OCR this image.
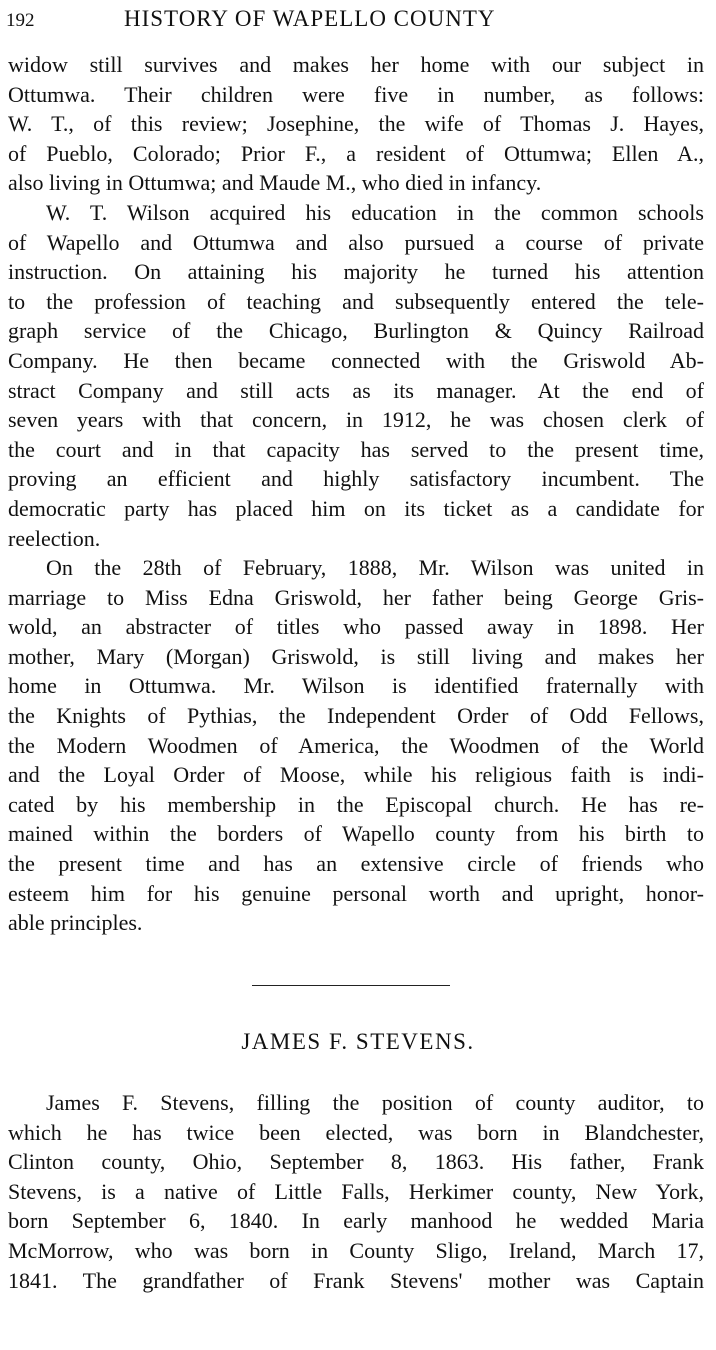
192	HISTORY OF WAPELLO COUNTY
widow still survives and makes her home with our subject in
Ottumwa. Their children were five in number, as follows:
W. T., of this review; Josephine, the wife of Thomas J. Hayes,
of Pueblo, Colorado; Prior F., a resident of Ottumwa; Ellen A.,
also living in Ottumwa; and Maude M., who died in infancy.
W. T. Wilson acquired his education in the common schools
of Wapello and Ottumwa and also pursued a course of private
instruction. On attaining his majority he turned his attention
to the profession of teaching and subsequently entered the tele-
graph service of the Chicago, Burlington & Quincy Railroad
Company. He then became connected with the Griswold Ab-
stract Company and still acts as its manager. At the end of
seven years with that concern, in 1912, he was chosen clerk of
the court and in that capacity has served to the present time,
proving an efficient and highly satisfactory incumbent. The
democratic party has placed him on its ticket as a candidate for
reelection.
On the 28th of February, 1888, Mr. Wilson was united in
marriage to Miss Edna Griswold, her father being George Gris-
wold, an abstracter of titles who passed away in 1898. Her
mother, Mary (Morgan) Griswold, is still living and makes her
home in Ottumwa. Mr. Wilson is identified fraternally with
the Knights of Pythias, the Independent Order of Odd Fellows,
the Modern Woodmen of America, the Woodmen of the World
and the Loyal Order of Moose, while his religious faith is indi-
cated by his membership in the Episcopal church. He has re-
mained within the borders of Wapello county from his birth to
the present time and has an extensive circle of friends who
esteem him for his genuine personal worth and upright, honor-
able principles.
JAMES F. STEVENS.
James F. Stevens, filling the position of county auditor, to
which he has twice been elected, was born in Blandchester,
Clinton county, Ohio, September 8, 1863. His father, Frank
Stevens, is a native of Little Falls, Herkimer county, New York,
born September 6, 1840. In early manhood he wedded Maria
McMorrow, who was born in County Sligo, Ireland, March 17,
1841. The grandfather of Frank Stevens' mother was Captain
